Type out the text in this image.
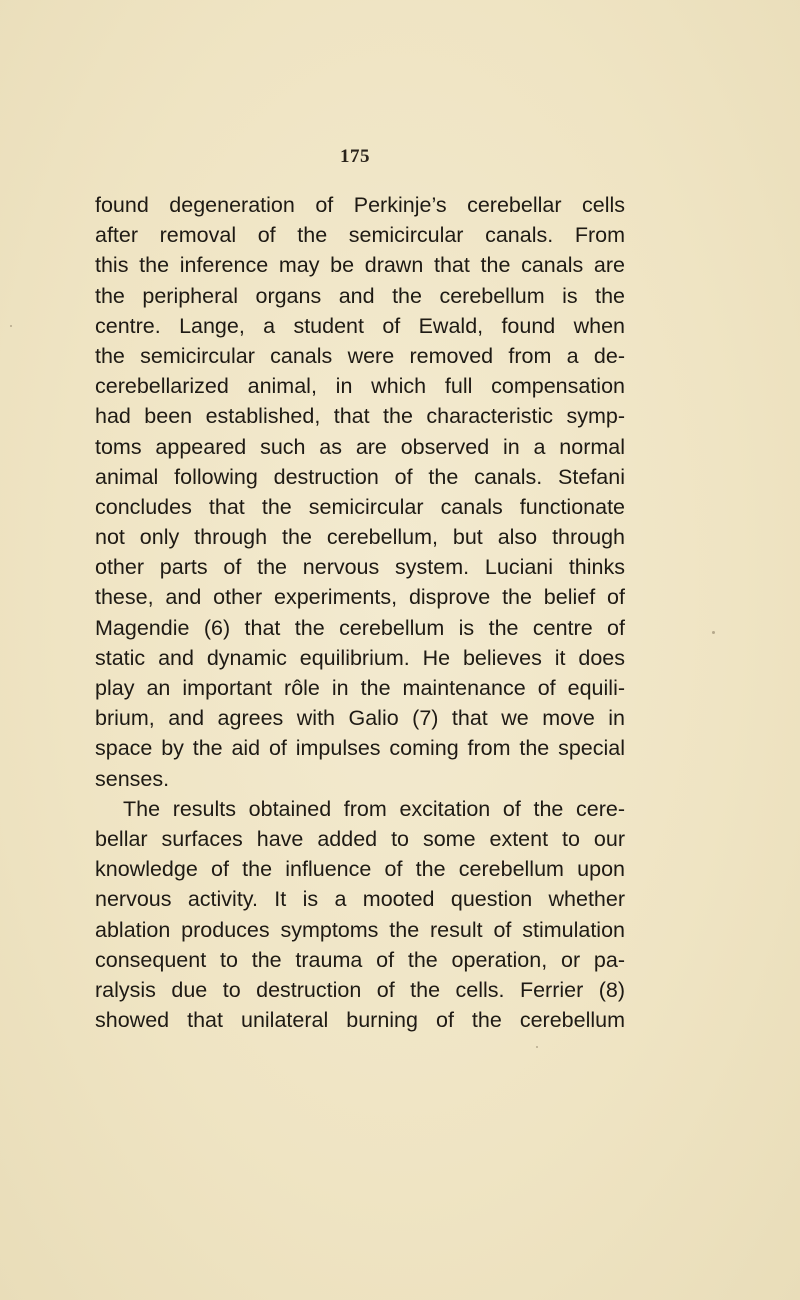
175
found degeneration of Perkinje’s cerebellar cells
after removal of the semicircular canals. From
this the inference may be drawn that the canals are
the peripheral organs and the cerebellum is the
centre. Lange, a student of Ewald, found when
the semicircular canals were removed from a de-
cerebellarized animal, in which full compensation
had been established, that the characteristic symp-
toms appeared such as are observed in a normal
animal following destruction of the canals. Stefani
concludes that the semicircular canals functionate
not only through the cerebellum, but also through
other parts of the nervous system. Luciani thinks
these, and other experiments, disprove the belief of
Magendie (6) that the cerebellum is the centre of
static and dynamic equilibrium. He believes it does
play an important rôle in the maintenance of equili-
brium, and agrees with Galio (7) that we move in
space by the aid of impulses coming from the special
senses.
The results obtained from excitation of the cere-
bellar surfaces have added to some extent to our
knowledge of the influence of the cerebellum upon
nervous activity. It is a mooted question whether
ablation produces symptoms the result of stimulation
consequent to the trauma of the operation, or pa-
ralysis due to destruction of the cells. Ferrier (8)
showed that unilateral burning of the cerebellum
